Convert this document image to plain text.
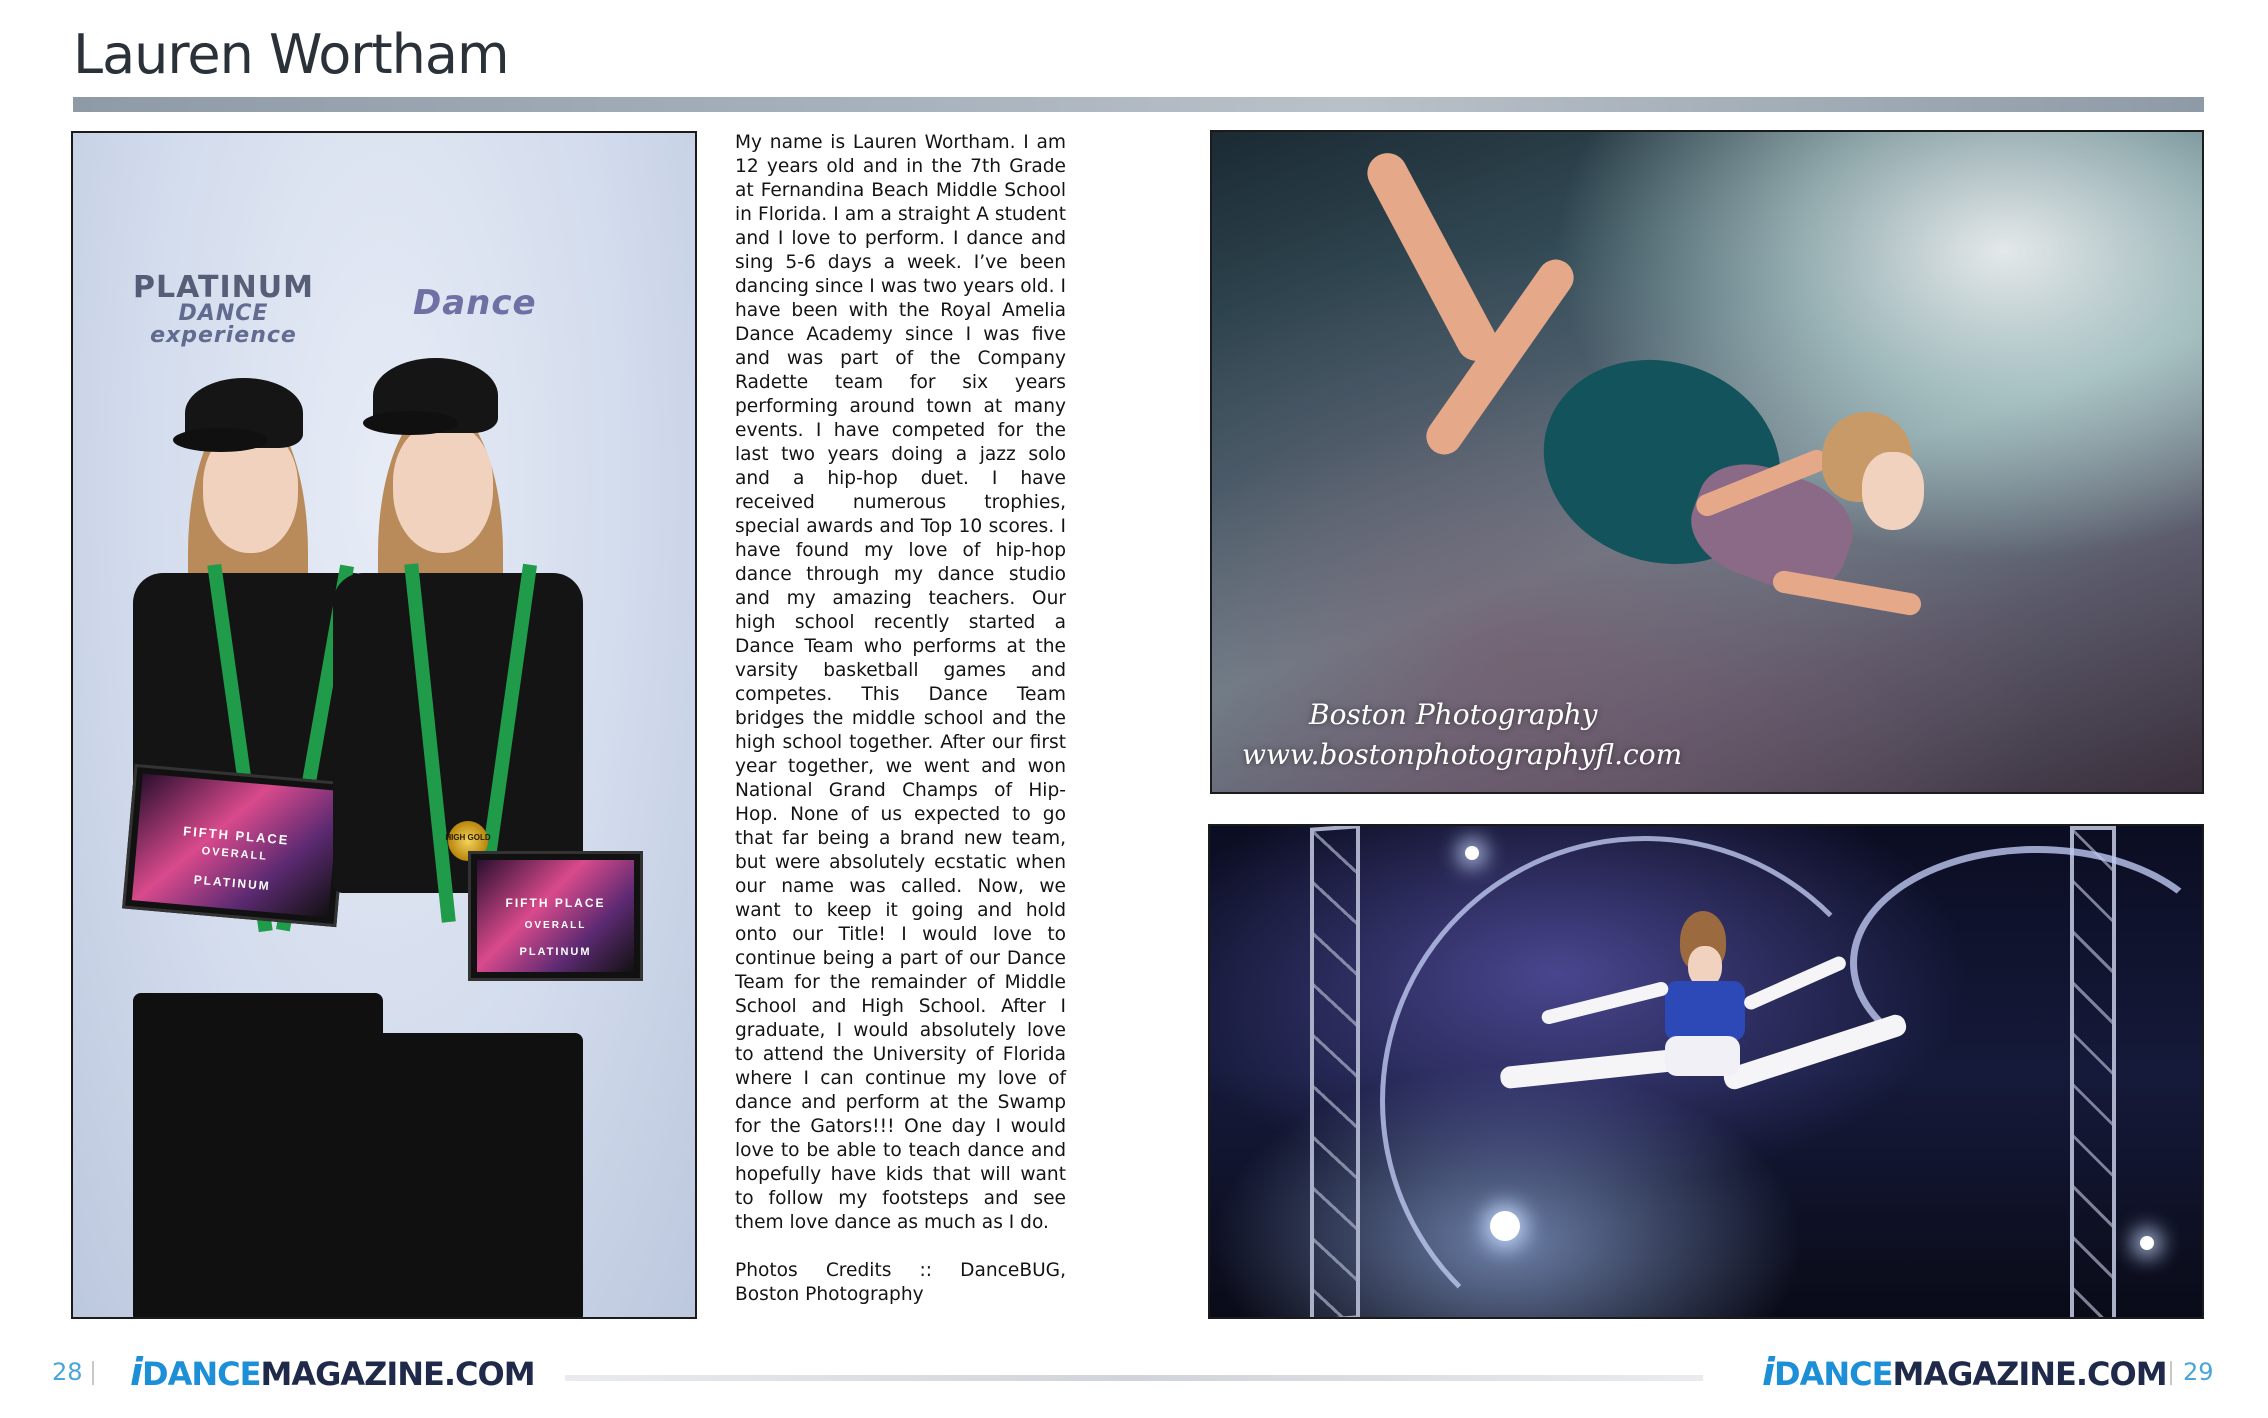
Lauren Wortham
PLATINUM
DANCE
experience
Dance
FIFTH PLACE
OVERALL
PLATINUM
FIFTH PLACE
OVERALL
PLATINUM
HIGH GOLD

My name is Lauren Wortham. I am 12 years old and in the 7th Grade at Fernandina Beach Middle School in Florida. I am a straight A student and I love to perform. I dance and sing 5-6 days a week. I’ve been dancing since I was two years old. I have been with the Royal Amelia Dance Academy since I was five and was part of the Company Radette team for six years performing around town at many events. I have competed for the last two years doing a jazz solo and a hip-hop duet. I have received numerous trophies, special awards and Top 10 scores. I have found my love of hip-hop dance through my dance studio and my amazing teachers. Our high school recently started a Dance Team who performs at the varsity basketball games and competes. This Dance Team bridges the middle school and the high school together. After our first year together, we went and won National Grand Champs of Hip-Hop. None of us expected to go that far being a brand new team, but were absolutely ecstatic when our name was called. Now, we want to keep it going and hold onto our Title! I would love to continue being a part of our Dance Team for the remainder of Middle School and High School. After I graduate, I would absolutely love to attend the University of Florida where I can continue my love of dance and perform at the Swamp for the Gators!!! One day I would love to be able to teach dance and hopefully have kids that will want to follow my footsteps and see them love dance as much as I do.

Photos Credits :: DanceBUG, Boston Photography

Boston Photography
www.bostonphotographyfl.com
28 iDANCEMAGAZINE.COM	iDANCEMAGAZINE.COM 29
